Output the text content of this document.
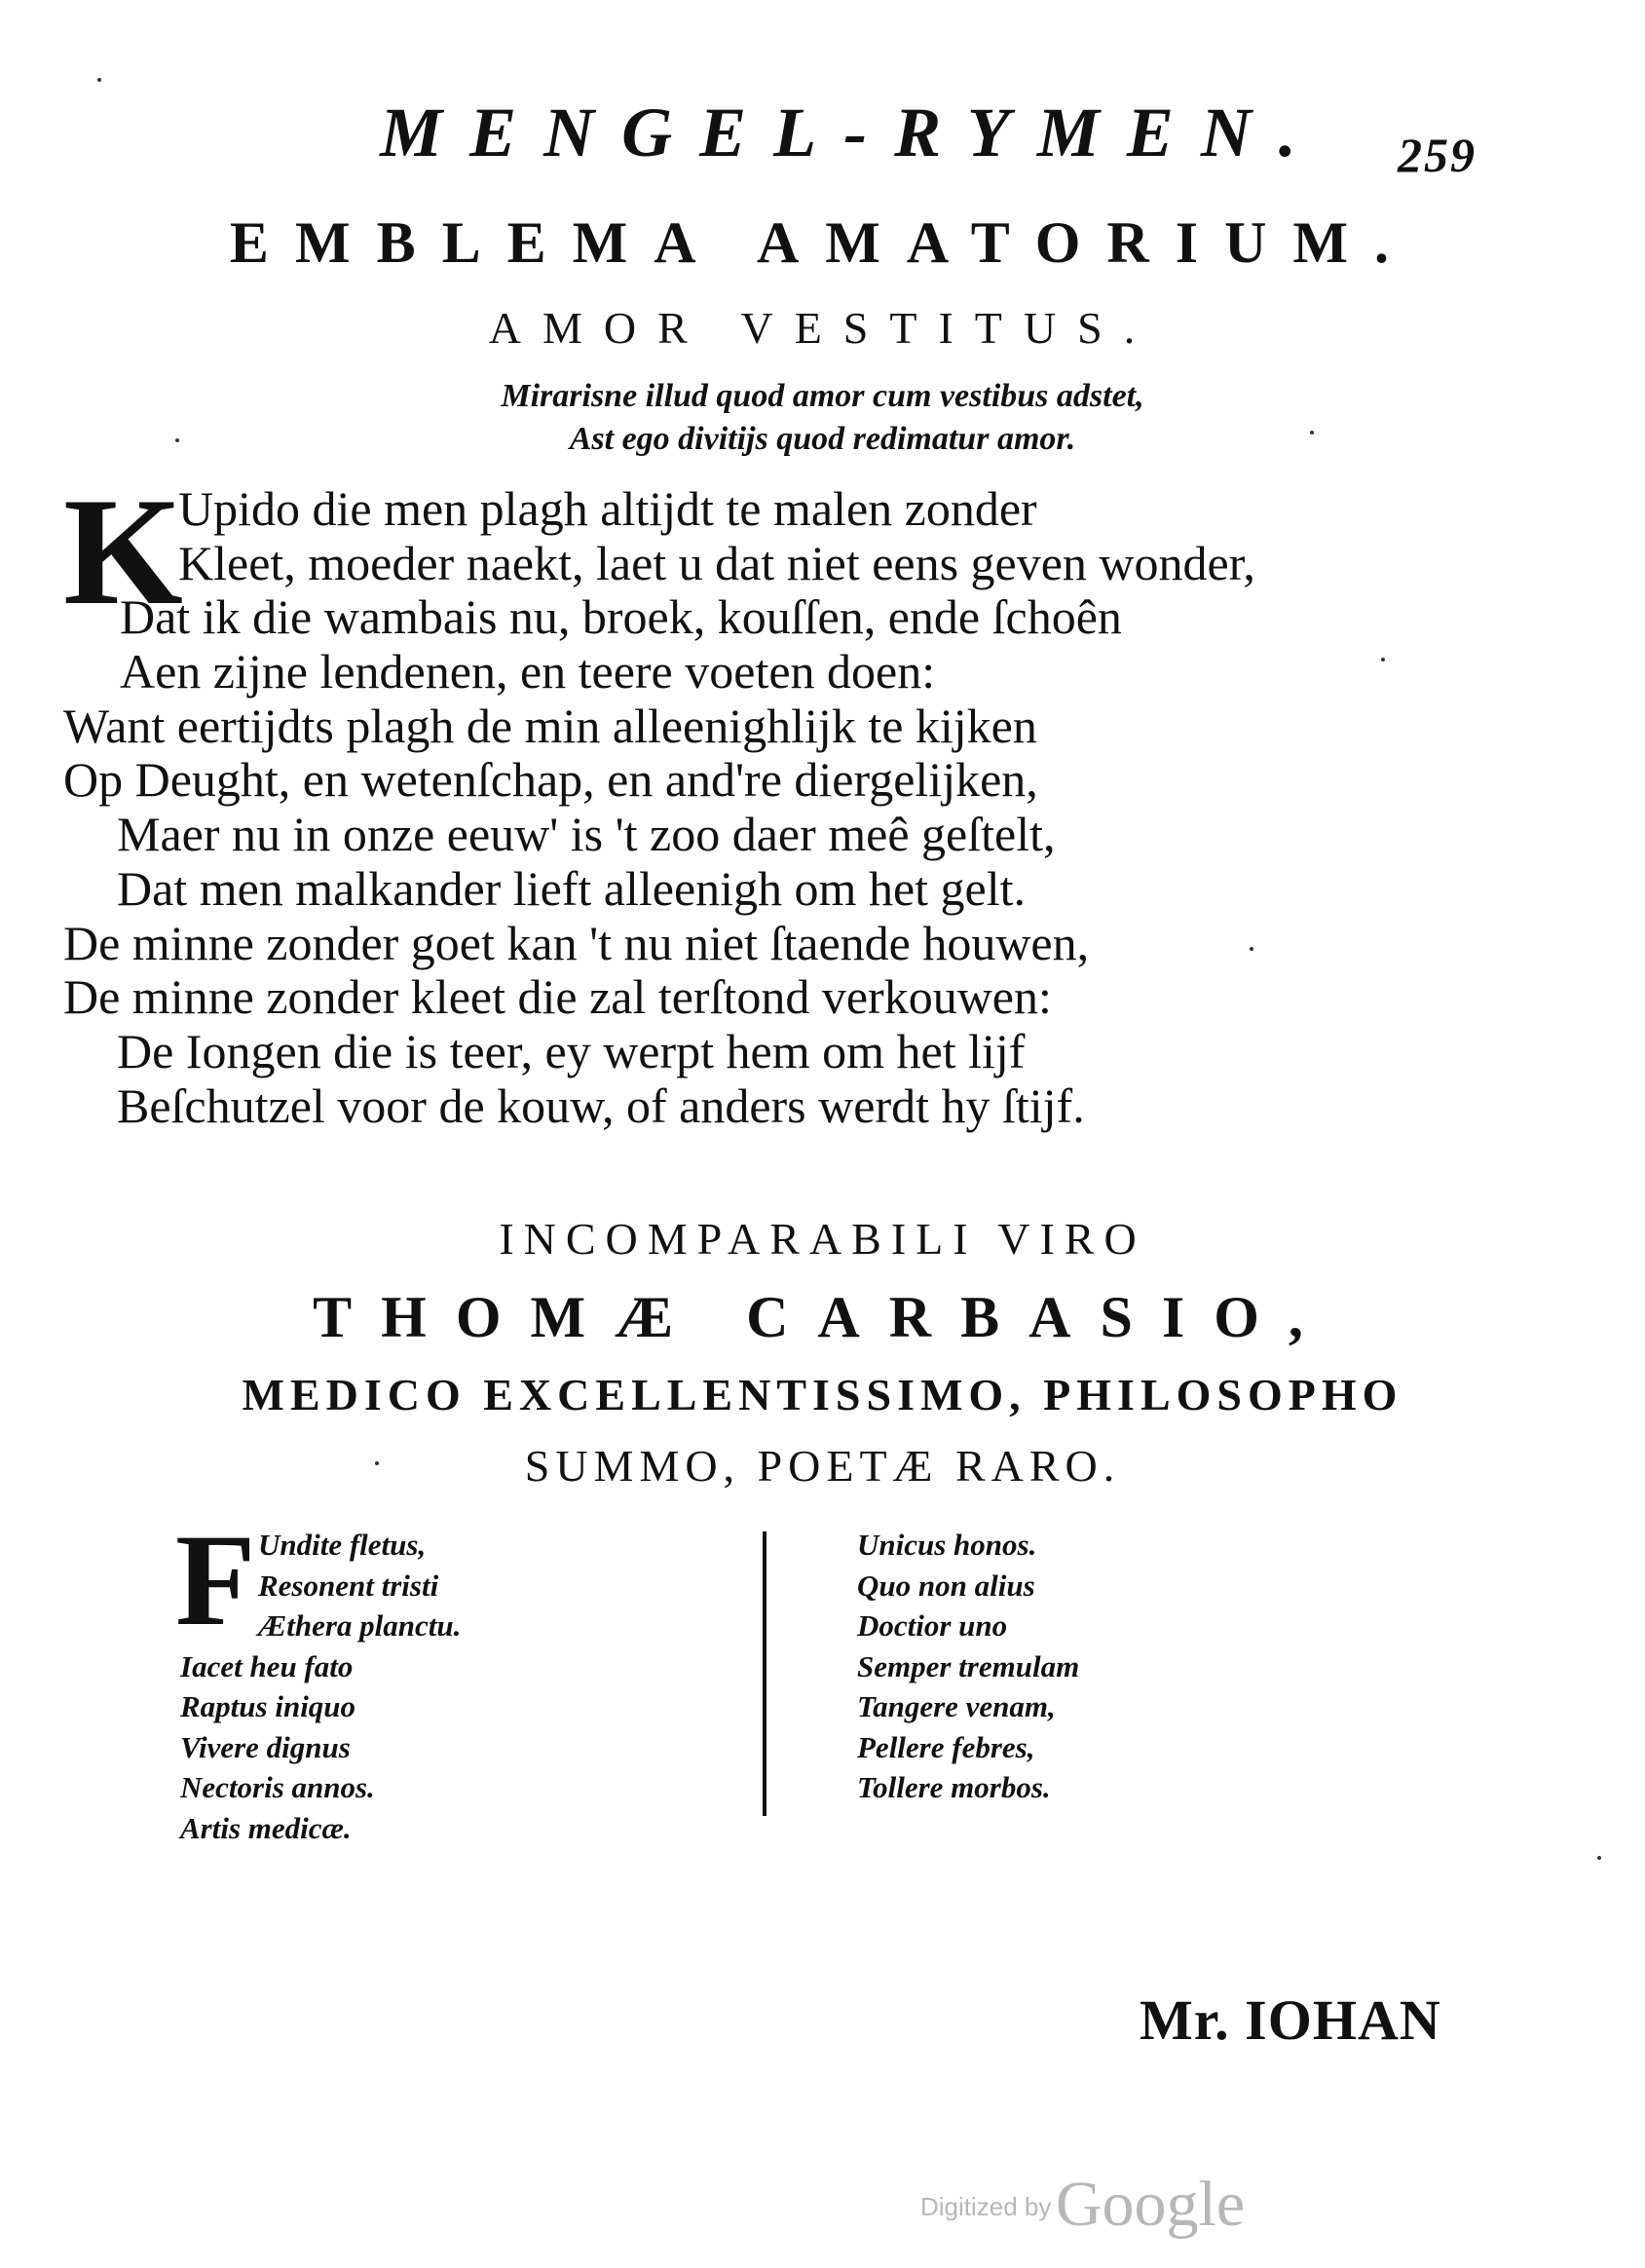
MENGEL-RYMEN.	259
EMBLEMA AMATORIUM.
AMOR VESTITUS.
Mirarisne illud quod amor cum vestibus adstet,
Ast ego divitijs quod redimatur amor.
K
Upido die men plagh altijdt te malen zonder
Kleet, moeder naekt, laet u dat niet eens geven wonder,
Dat ik die wambais nu, broek, kouſſen, ende ſchoên
Aen zijne lendenen, en teere voeten doen:
Want eertijdts plagh de min alleenighlijk te kijken
Op Deught, en wetenſchap, en and're diergelijken,
Maer nu in onze eeuw' is 't zoo daer meê geſtelt,
Dat men malkander lieft alleenigh om het gelt.
De minne zonder goet kan 't nu niet ſtaende houwen,
De minne zonder kleet die zal terſtond verkouwen:
De Iongen die is teer, ey werpt hem om het lijf
Beſchutzel voor de kouw, of anders werdt hy ſtijf.
INCOMPARABILI VIRO
THOMÆ CARBASIO,
MEDICO EXCELLENTISSIMO, PHILOSOPHO
SUMMO, POETÆ RARO.
F Undite fletus,
Resonent tristi
Æthera planctu.
Iacet heu fato
Raptus iniquo
Vivere dignus
Nectoris annos.
Artis medicæ.
Unicus honos.
Quo non alius
Doctior uno
Semper tremulam
Tangere venam,
Pellere febres,
Tollere morbos.
Mr. IOHAN
Digitized by Google
